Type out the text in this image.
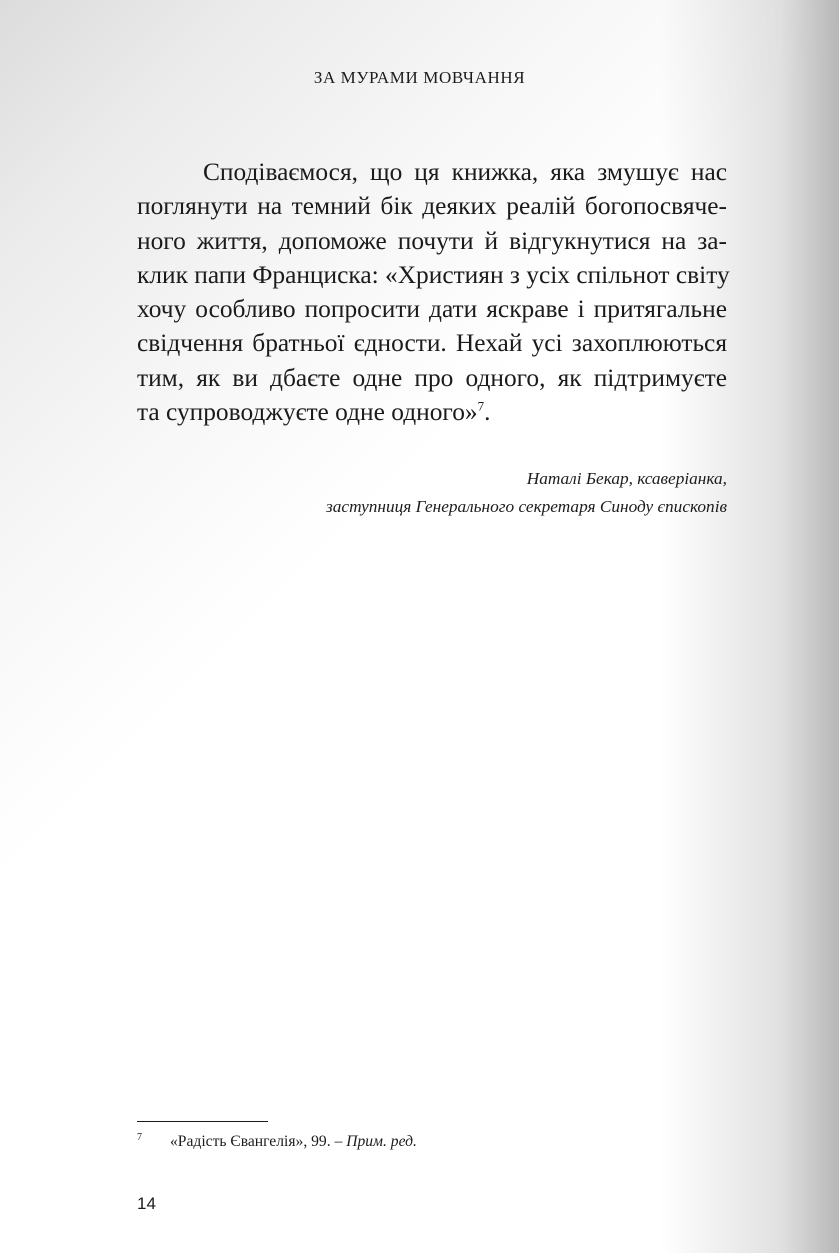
ЗА МУРАМИ МОВЧАННЯ
Сподіваємося, що ця книжка, яка змушує нас
поглянути на темний бік деяких реалій богопосвяче-
ного життя, допоможе почути й відгукнутися на за-
клик папи Франциска: «Християн з усіх спільнот світу
хочу особливо попросити дати яскраве і притягальне
свідчення братньої єдности. Нехай усі захоплюються
тим, як ви дбаєте одне про одного, як підтримуєте
та супроводжуєте одне одного»$^7$.
Наталі Бекар, ксаверіанка,
заступниця Генерального секретаря Синоду єпископів
7 «Радість Євангелія», 99. – Прим. ред.
14
